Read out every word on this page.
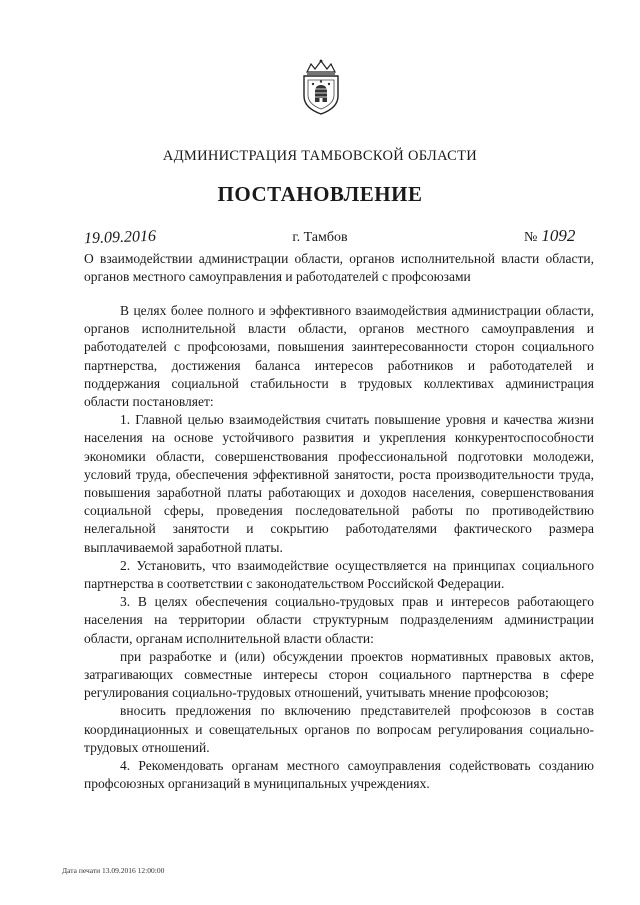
АДМИНИСТРАЦИЯ ТАМБОВСКОЙ ОБЛАСТИ
ПОСТАНОВЛЕНИЕ
19.09.2016	г. Тамбов	№ 1092
О взаимодействии администрации области, органов исполнительной власти области, органов местного самоуправления и работодателей с профсоюзами

В целях более полного и эффективного взаимодействия администрации области, органов исполнительной власти области, органов местного самоуправления и работодателей с профсоюзами, повышения заинтересованности сторон социального партнерства, достижения баланса интересов работников и работодателей и поддержания социальной стабильности в трудовых коллективах администрация области постановляет:

1. Главной целью взаимодействия считать повышение уровня и качества жизни населения на основе устойчивого развития и укрепления конкурентоспособности экономики области, совершенствования профессиональной подготовки молодежи, условий труда, обеспечения эффективной занятости, роста производительности труда, повышения заработной платы работающих и доходов населения, совершенствования социальной сферы, проведения последовательной работы по противодействию нелегальной занятости и сокрытию работодателями фактического размера выплачиваемой заработной платы.

2. Установить, что взаимодействие осуществляется на принципах социального партнерства в соответствии с законодательством Российской Федерации.

3. В целях обеспечения социально-трудовых прав и интересов работающего населения на территории области структурным подразделениям администрации области, органам исполнительной власти области:

при разработке и (или) обсуждении проектов нормативных правовых актов, затрагивающих совместные интересы сторон социального партнерства в сфере регулирования социально-трудовых отношений, учитывать мнение профсоюзов;

вносить предложения по включению представителей профсоюзов в состав координационных и совещательных органов по вопросам регулирования социально-трудовых отношений.

4. Рекомендовать органам местного самоуправления содействовать созданию профсоюзных организаций в муниципальных учреждениях.

Дата печати 13.09.2016 12:00:00
